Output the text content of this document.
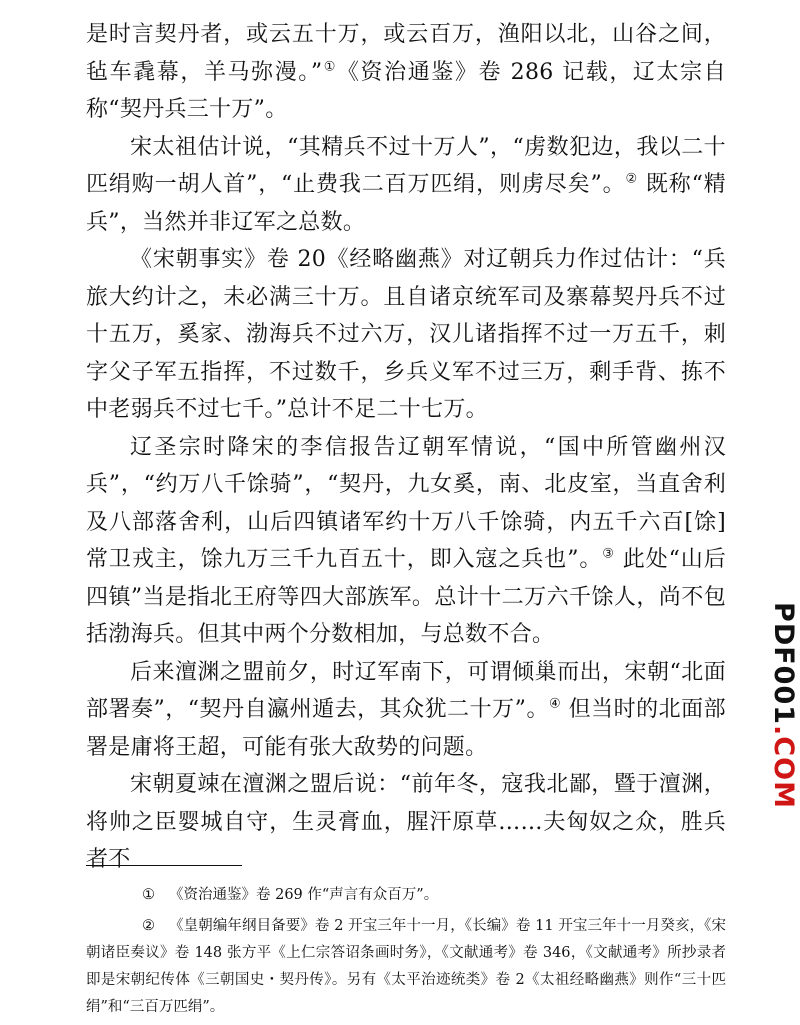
是时言契丹者，或云五十万，或云百万，渔阳以北，山谷之间，毡车毳幕，羊马弥漫。”①《资治通鉴》卷 286 记载，辽太宗自称“契丹兵三十万”。

宋太祖估计说，“其精兵不过十万人”，“虏数犯边，我以二十匹绢购一胡人首”，“止费我二百万匹绢，则虏尽矣”。② 既称“精兵”，当然并非辽军之总数。

《宋朝事实》卷 20《经略幽燕》对辽朝兵力作过估计：“兵旅大约计之，未必满三十万。且自诸京统军司及寨幕契丹兵不过十五万，奚家、渤海兵不过六万，汉儿诸指挥不过一万五千，刺字父子军五指挥，不过数千，乡兵义军不过三万，剩手背、拣不中老弱兵不过七千。”总计不足二十七万。

辽圣宗时降宋的李信报告辽朝军情说，“国中所管幽州汉兵”，“约万八千馀骑”，“契丹，九女奚，南、北皮室，当直舍利及八部落舍利，山后四镇诸军约十万八千馀骑，内五千六百[馀]常卫戎主，馀九万三千九百五十，即入寇之兵也”。③ 此处“山后四镇”当是指北王府等四大部族军。总计十二万六千馀人，尚不包括渤海兵。但其中两个分数相加，与总数不合。

后来澶渊之盟前夕，时辽军南下，可谓倾巢而出，宋朝“北面部署奏”，“契丹自瀛州遁去，其众犹二十万”。④ 但当时的北面部署是庸将王超，可能有张大敌势的问题。

宋朝夏竦在澶渊之盟后说：“前年冬，寇我北鄙，暨于澶渊，将帅之臣婴城自守，生灵膏血，腥汗原草……夫匈奴之众，胜兵者不

① 《资治通鉴》卷 269 作“声言有众百万”。

② 《皇朝编年纲目备要》卷 2 开宝三年十一月，《长编》卷 11 开宝三年十一月癸亥，《宋朝诸臣奏议》卷 148 张方平《上仁宗答诏条画时务》，《文献通考》卷 346，《文献通考》所抄录者即是宋朝纪传体《三朝国史・契丹传》。另有《太平治迹统类》卷 2《太祖经略幽燕》则作“三十匹绢”和“三百万匹绢”。

PDF001.COM
